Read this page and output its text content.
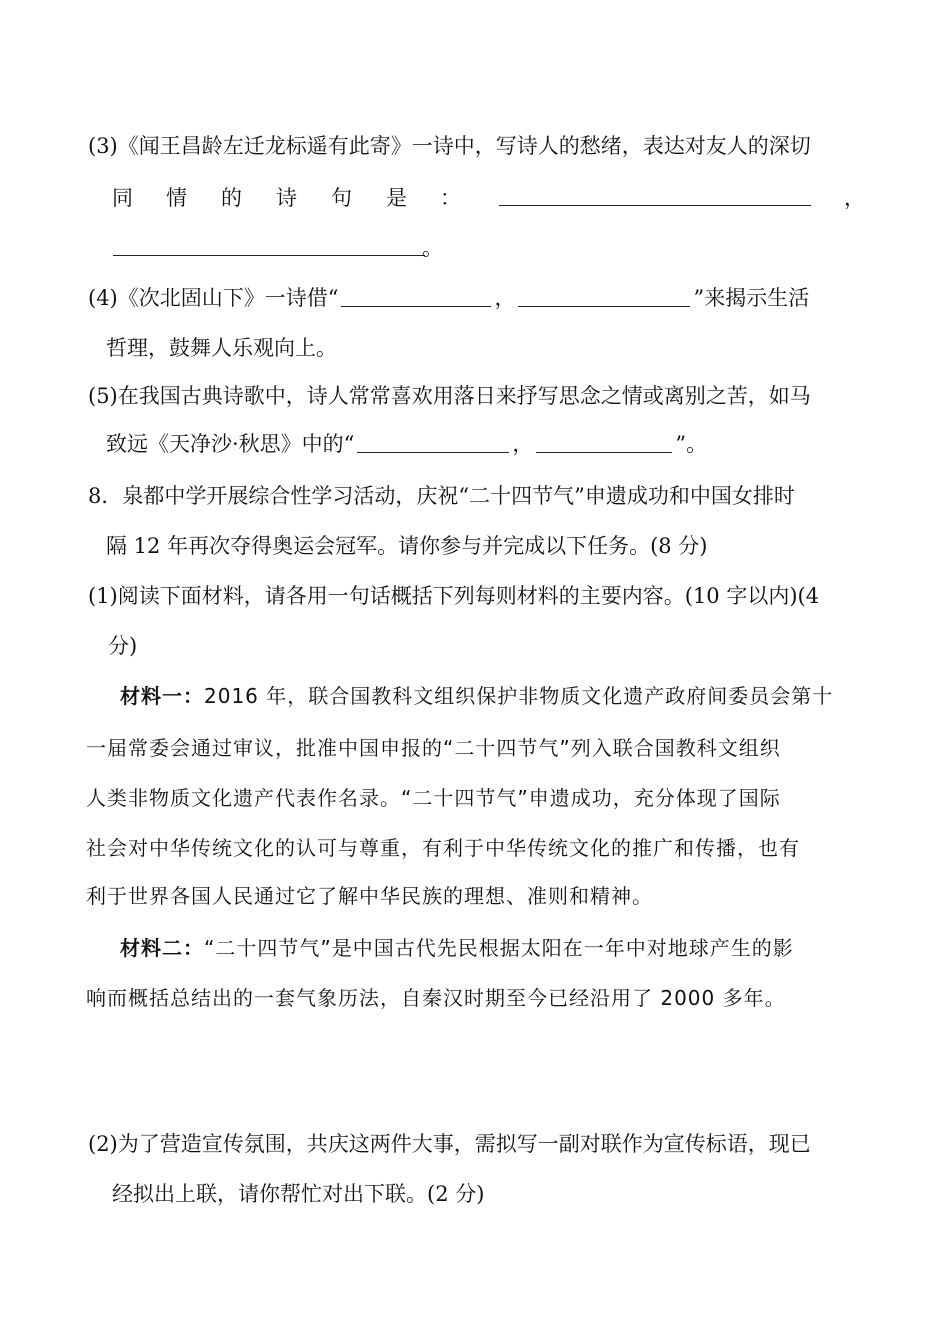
(3)《闻王昌龄左迁龙标遥有此寄》一诗中，写诗人的愁绪，表达对友人的深切
同 情 的 诗 句 是 ：	，
。
(4)《次北固山下》一诗借“	，	”来揭示生活
哲理，鼓舞人乐观向上。
(5)在我国古典诗歌中，诗人常常喜欢用落日来抒写思念之情或离别之苦，如马
致远《天净沙·秋思》中的“	，	”。
8．泉都中学开展综合性学习活动，庆祝“二十四节气”申遗成功和中国女排时
隔 12 年再次夺得奥运会冠军。请你参与并完成以下任务。(8 分)
(1)阅读下面材料，请各用一句话概括下列每则材料的主要内容。(10 字以内)(4
分)
材料一：2016 年，联合国教科文组织保护非物质文化遗产政府间委员会第十
一届常委会通过审议，批准中国申报的“二十四节气”列入联合国教科文组织
人类非物质文化遗产代表作名录。“二十四节气”申遗成功，充分体现了国际
社会对中华传统文化的认可与尊重，有利于中华传统文化的推广和传播，也有
利于世界各国人民通过它了解中华民族的理想、准则和精神。
材料二：“二十四节气”是中国古代先民根据太阳在一年中对地球产生的影
响而概括总结出的一套气象历法，自秦汉时期至今已经沿用了 2000 多年。
(2)为了营造宣传氛围，共庆这两件大事，需拟写一副对联作为宣传标语，现已
经拟出上联，请你帮忙对出下联。(2 分)
